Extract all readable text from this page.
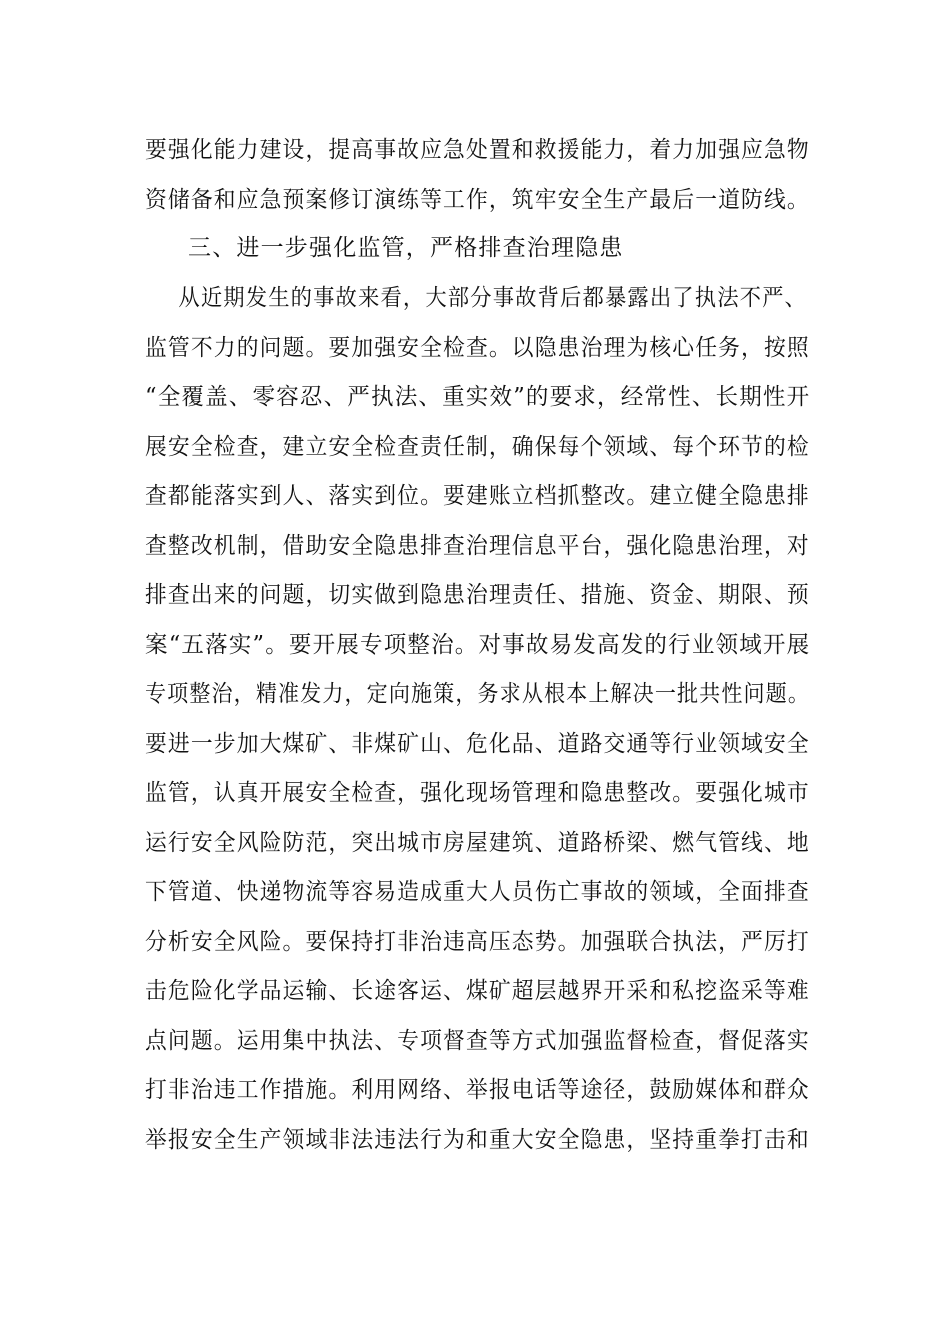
要强化能力建设，提高事故应急处置和救援能力，着力加强应急物
资储备和应急预案修订演练等工作，筑牢安全生产最后一道防线。
三、进一步强化监管，严格排查治理隐患
从近期发生的事故来看，大部分事故背后都暴露出了执法不严、
监管不力的问题。要加强安全检查。以隐患治理为核心任务，按照
“全覆盖、零容忍、严执法、重实效”的要求，经常性、长期性开
展安全检查，建立安全检查责任制，确保每个领域、每个环节的检
查都能落实到人、落实到位。要建账立档抓整改。建立健全隐患排
查整改机制，借助安全隐患排查治理信息平台，强化隐患治理，对
排查出来的问题，切实做到隐患治理责任、措施、资金、期限、预
案“五落实”。要开展专项整治。对事故易发高发的行业领域开展
专项整治，精准发力，定向施策，务求从根本上解决一批共性问题。
要进一步加大煤矿、非煤矿山、危化品、道路交通等行业领域安全
监管，认真开展安全检查，强化现场管理和隐患整改。要强化城市
运行安全风险防范，突出城市房屋建筑、道路桥梁、燃气管线、地
下管道、快递物流等容易造成重大人员伤亡事故的领域，全面排查
分析安全风险。要保持打非治违高压态势。加强联合执法，严厉打
击危险化学品运输、长途客运、煤矿超层越界开采和私挖盗采等难
点问题。运用集中执法、专项督查等方式加强监督检查，督促落实
打非治违工作措施。利用网络、举报电话等途径，鼓励媒体和群众
举报安全生产领域非法违法行为和重大安全隐患，坚持重拳打击和
